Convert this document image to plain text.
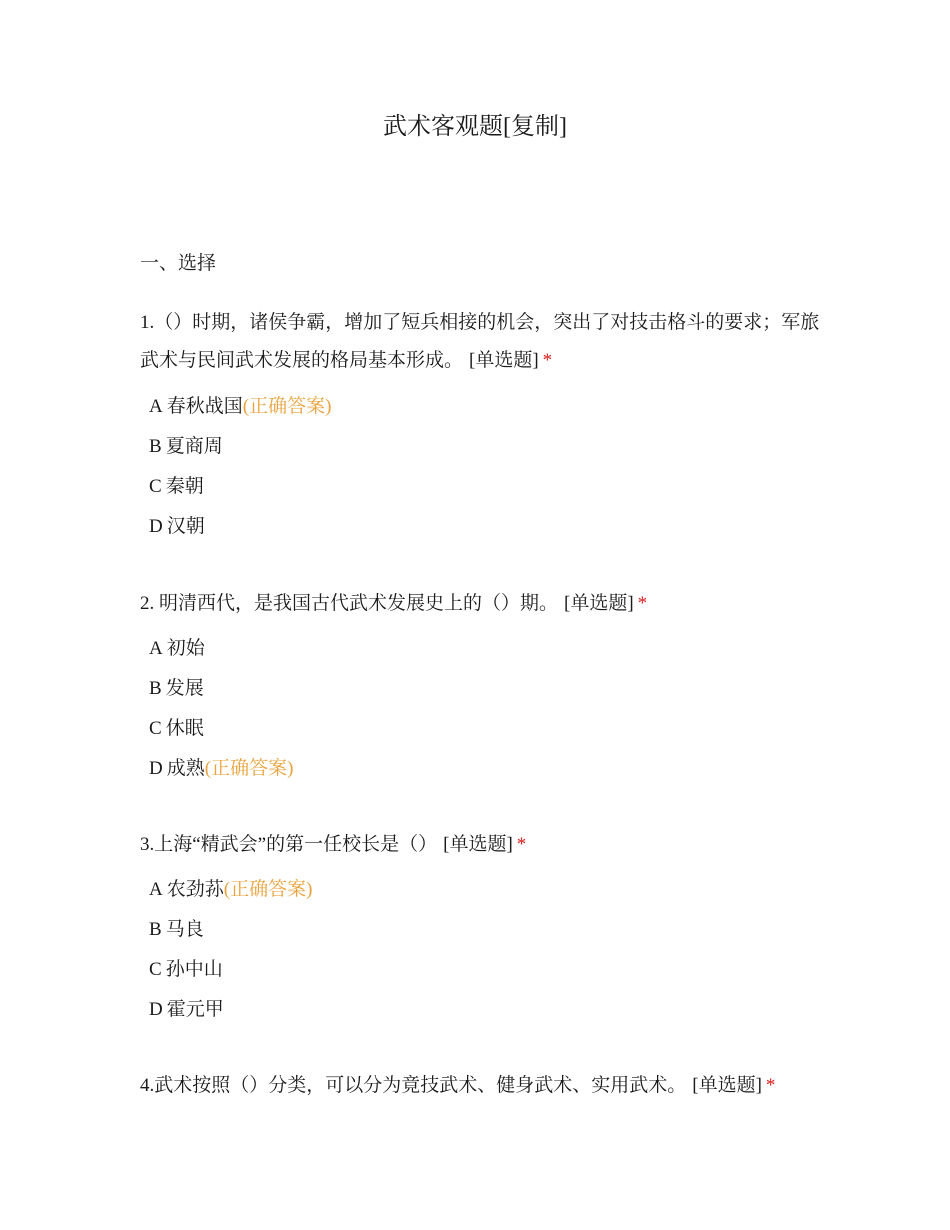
武术客观题[复制]
一、选择
1.（）时期，诸侯争霸，增加了短兵相接的机会，突出了对技击格斗的要求；军旅武术与民间武术发展的格局基本形成。 [单选题] *
A 春秋战国(正确答案)
B 夏商周
C 秦朝
D 汉朝
2. 明清西代，是我国古代武术发展史上的（）期。 [单选题] *
A 初始
B 发展
C 休眠
D 成熟(正确答案)
3.上海“精武会”的第一任校长是（） [单选题] *
A 农劲荪(正确答案)
B 马良
C 孙中山
D 霍元甲
4.武术按照（）分类，可以分为竟技武术、健身武术、实用武术。 [单选题] *
